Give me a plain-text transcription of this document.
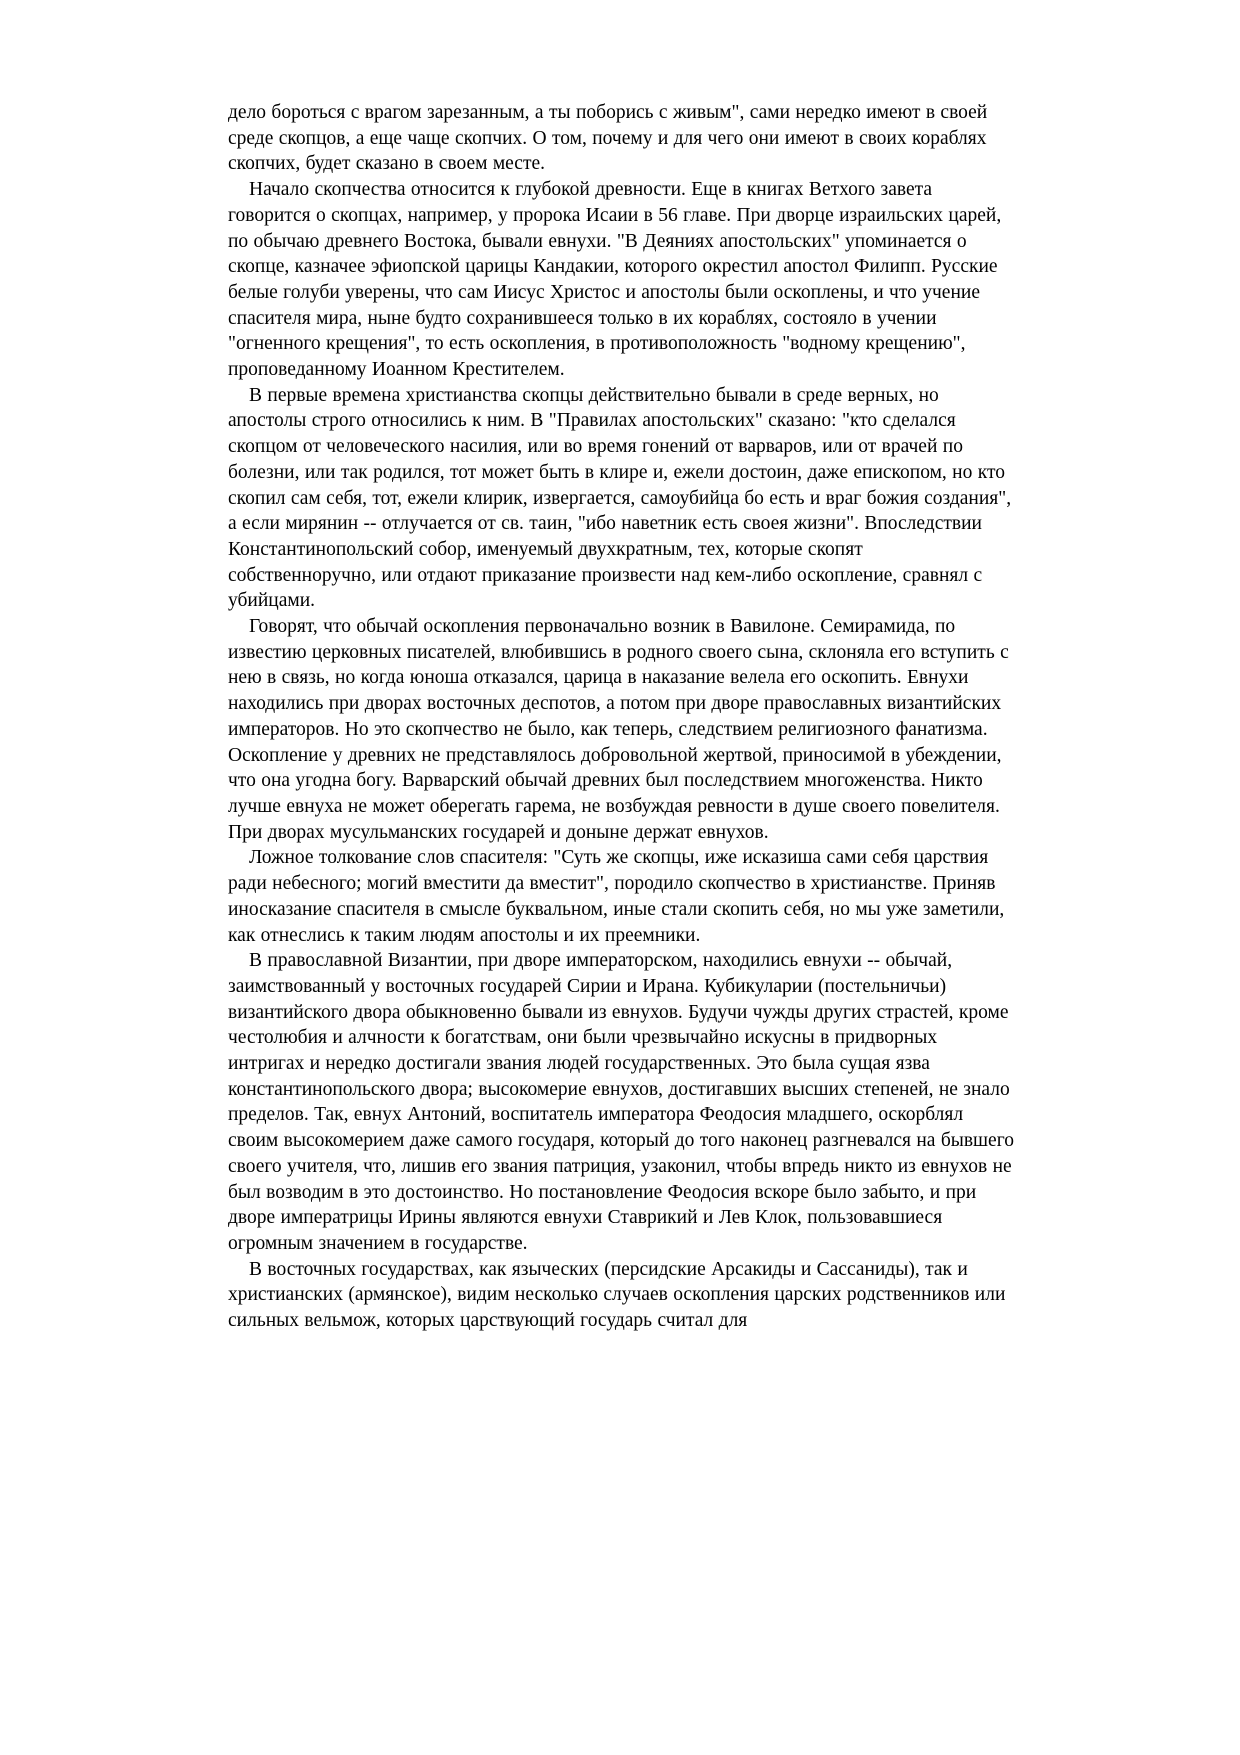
дело бороться с врагом зарезанным, а ты поборись с живым", сами нередко имеют в своей среде скопцов, а еще чаще скопчих. О том, почему и для чего они имеют в своих кораблях скопчих, будет сказано в своем месте.

Начало скопчества относится к глубокой древности. Еще в книгах Ветхого завета говорится о скопцах, например, у пророка Исаии в 56 главе. При дворце израильских царей, по обычаю древнего Востока, бывали евнухи. "В Деяниях апостольских" упоминается о скопце, казначее эфиопской царицы Кандакии, которого окрестил апостол Филипп. Русские белые голуби уверены, что сам Иисус Христос и апостолы были оскоплены, и что учение спасителя мира, ныне будто сохранившееся только в их кораблях, состояло в учении "огненного крещения", то есть оскопления, в противоположность "водному крещению", проповеданному Иоанном Крестителем.

В первые времена христианства скопцы действительно бывали в среде верных, но апостолы строго относились к ним. В "Правилах апостольских" сказано: "кто сделался скопцом от человеческого насилия, или во время гонений от варваров, или от врачей по болезни, или так родился, тот может быть в клире и, ежели достоин, даже епископом, но кто скопил сам себя, тот, ежели клирик, извергается, самоубийца бо есть и враг божия создания", а если мирянин -- отлучается от св. таин, "ибо наветник есть своея жизни". Впоследствии Константинопольский собор, именуемый двухкратным, тех, которые скопят собственноручно, или отдают приказание произвести над кем-либо оскопление, сравнял с убийцами.

Говорят, что обычай оскопления первоначально возник в Вавилоне. Семирамида, по известию церковных писателей, влюбившись в родного своего сына, склоняла его вступить с нею в связь, но когда юноша отказался, царица в наказание велела его оскопить. Евнухи находились при дворах восточных деспотов, а потом при дворе православных византийских императоров. Но это скопчество не было, как теперь, следствием религиозного фанатизма. Оскопление у древних не представлялось добровольной жертвой, приносимой в убеждении, что она угодна богу. Варварский обычай древних был последствием многоженства. Никто лучше евнуха не может оберегать гарема, не возбуждая ревности в душе своего повелителя. При дворах мусульманских государей и доныне держат евнухов.

Ложное толкование слов спасителя: "Суть же скопцы, иже исказиша сами себя царствия ради небесного; могий вместити да вместит", породило скопчество в христианстве. Приняв иносказание спасителя в смысле буквальном, иные стали скопить себя, но мы уже заметили, как отнеслись к таким людям апостолы и их преемники.

В православной Византии, при дворе императорском, находились евнухи -- обычай, заимствованный у восточных государей Сирии и Ирана. Кубикуларии (постельничьи) византийского двора обыкновенно бывали из евнухов. Будучи чужды других страстей, кроме честолюбия и алчности к богатствам, они были чрезвычайно искусны в придворных интригах и нередко достигали звания людей государственных. Это была сущая язва константинопольского двора; высокомерие евнухов, достигавших высших степеней, не знало пределов. Так, евнух Антоний, воспитатель императора Феодосия младшего, оскорблял своим высокомерием даже самого государя, который до того наконец разгневался на бывшего своего учителя, что, лишив его звания патриция, узаконил, чтобы впредь никто из евнухов не был возводим в это достоинство. Но постановление Феодосия вскоре было забыто, и при дворе императрицы Ирины являются евнухи Ставрикий и Лев Клок, пользовавшиеся огромным значением в государстве.

В восточных государствах, как языческих (персидские Арсакиды и Сассаниды), так и христианских (армянское), видим несколько случаев оскопления царских родственников или сильных вельмож, которых царствующий государь считал для
